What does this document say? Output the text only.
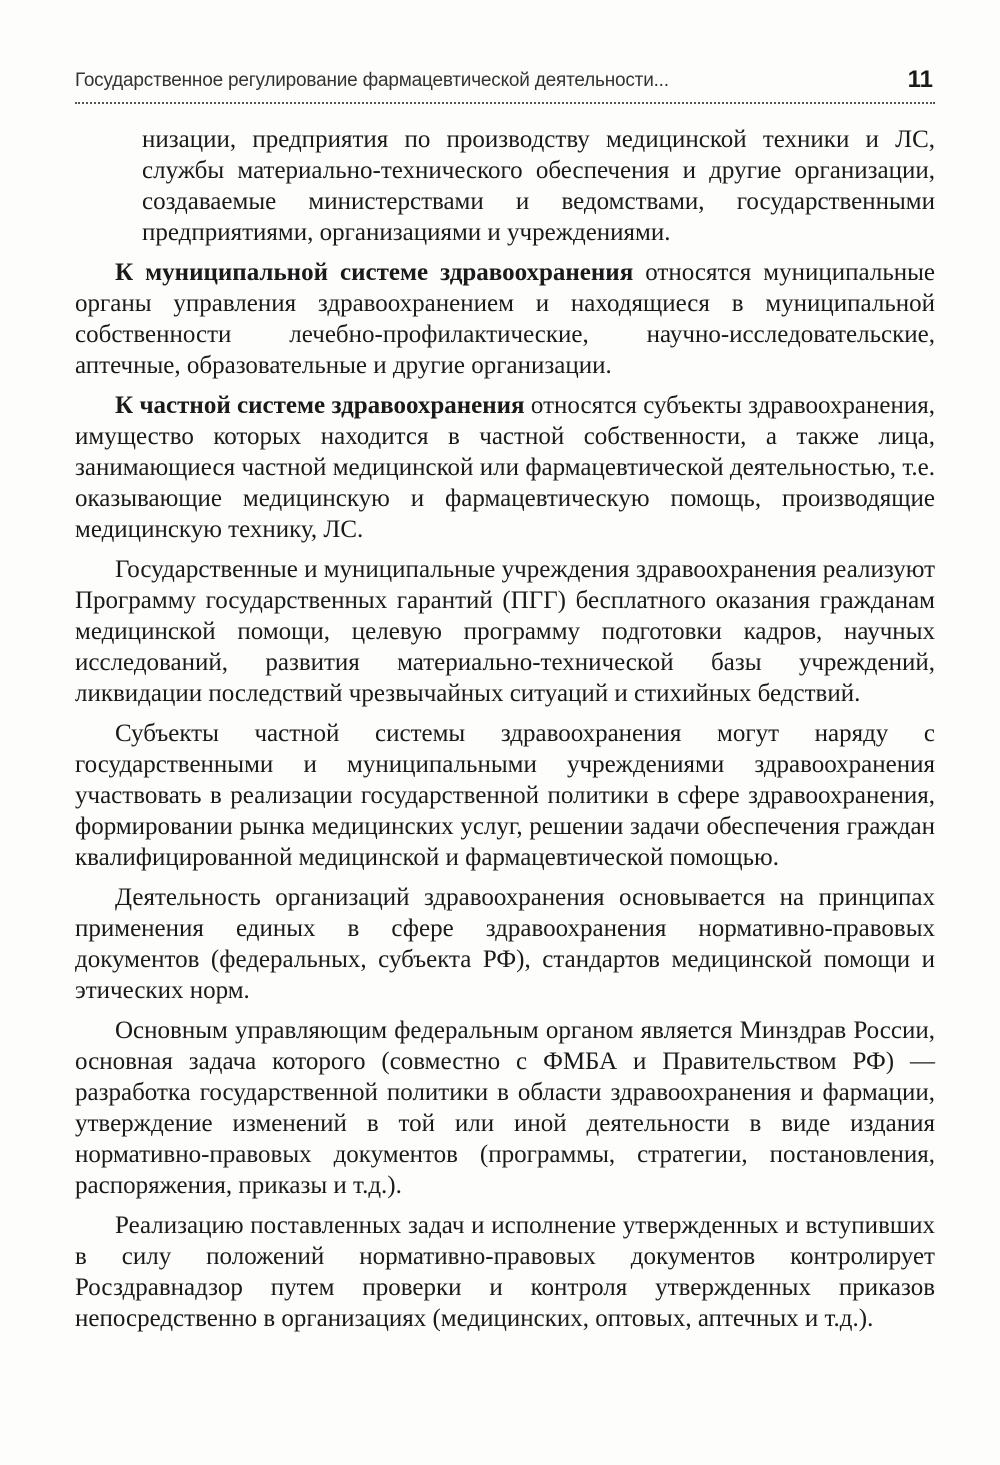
Государственное регулирование фармацевтической деятельности...	11

низации, предприятия по производству медицинской техники и ЛС, службы материально-технического обеспечения и другие организации, создаваемые министерствами и ведомствами, государственными предприятиями, организациями и учреждениями.

К муниципальной системе здравоохранения относятся муниципальные органы управления здравоохранением и находящиеся в муниципальной собственности лечебно-профилактические, научно-исследовательские, аптечные, образовательные и другие организации.

К частной системе здравоохранения относятся субъекты здравоохранения, имущество которых находится в частной собственности, а также лица, занимающиеся частной медицинской или фармацевтической деятельностью, т.е. оказывающие медицинскую и фармацевтическую помощь, производящие медицинскую технику, ЛС.

Государственные и муниципальные учреждения здравоохранения реализуют Программу государственных гарантий (ПГГ) бесплатного оказания гражданам медицинской помощи, целевую программу подготовки кадров, научных исследований, развития материально-технической базы учреждений, ликвидации последствий чрезвычайных ситуаций и стихийных бедствий.

Субъекты частной системы здравоохранения могут наряду с государственными и муниципальными учреждениями здравоохранения участвовать в реализации государственной политики в сфере здравоохранения, формировании рынка медицинских услуг, решении задачи обеспечения граждан квалифицированной медицинской и фармацевтической помощью.

Деятельность организаций здравоохранения основывается на принципах применения единых в сфере здравоохранения нормативно-правовых документов (федеральных, субъекта РФ), стандартов медицинской помощи и этических норм.

Основным управляющим федеральным органом является Минздрав России, основная задача которого (совместно с ФМБА и Правительством РФ) — разработка государственной политики в области здравоохранения и фармации, утверждение изменений в той или иной деятельности в виде издания нормативно-правовых документов (программы, стратегии, постановления, распоряжения, приказы и т.д.).

Реализацию поставленных задач и исполнение утвержденных и вступивших в силу положений нормативно-правовых документов контролирует Росздравнадзор путем проверки и контроля утвержденных приказов непосредственно в организациях (медицинских, оптовых, аптечных и т.д.).
